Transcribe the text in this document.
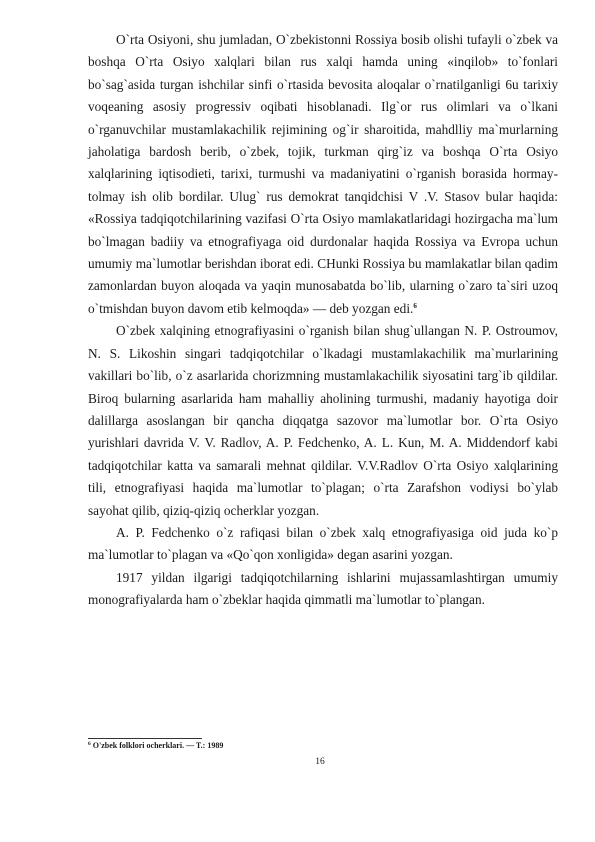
O`rta Osiyoni, shu jumladan, O`zbekistonni Rossiya bosib olishi tufayli o`zbek va boshqa O`rta Osiyo xalqlari bilan rus xalqi hamda uning «inqilob» to`fonlari bo`sag`asida turgan ishchilar sinfi o`rtasida bevosita aloqalar o`rnatilganligi 6u tarixiy voqeaning asosiy progressiv oqibati hisoblanadi. Ilg`or rus olimlari va o`lkani o`rganuvchilar mustamlakachilik rejimining og`ir sharoitida, mahdlliy ma`murlarning jaholatiga bardosh berib, o`zbek, tojik, turkman qirg`iz va boshqa O`rta Osiyo xalqlarining iqtisodieti, tarixi, turmushi va madaniyatini o`rganish borasida hormay-tolmay ish olib bordilar. Ulug` rus demokrat tanqidchisi V .V. Stasov bular haqida: «Rossiya tadqiqotchilarining vazifasi O`rta Osiyo mamlakatlaridagi hozirgacha ma`lum bo`lmagan badiiy va etnografiyaga oid durdonalar haqida Rossiya va Evropa uchun umumiy ma`lumotlar berishdan iborat edi. CHunki Rossiya bu mamlakatlar bilan qadim zamonlardan buyon aloqada va yaqin munosabatda bo`lib, ularning o`zaro ta`siri uzoq o`tmishdan buyon davom etib kelmoqda» — deb yozgan edi.$^6$

O`zbek xalqining etnografiyasini o`rganish bilan shug`ullangan N. P. Ostroumov, N. S. Likoshin singari tadqiqotchilar o`lkadagi mustamlakachilik ma`murlarining vakillari bo`lib, o`z asarlarida chorizmning mustamlakachilik siyosatini targ`ib qildilar. Biroq bularning asarlarida ham mahalliy aholining turmushi, madaniy hayotiga doir dalillarga asoslangan bir qancha diqqatga sazovor ma`lumotlar bor. O`rta Osiyo yurishlari davrida V. V. Radlov, A. P. Fedchenko, A. L. Kun, M. A. Middendorf kabi tadqiqotchilar katta va samarali mehnat qildilar. V.V.Radlov O`rta Osiyo xalqlarining tili, etnografiyasi haqida ma`lumotlar to`plagan; o`rta Zarafshon vodiysi bo`ylab sayohat qilib, qiziq-qiziq ocherklar yozgan.

A. P. Fedchenko o`z rafiqasi bilan o`zbek xalq etnografiyasiga oid juda ko`p ma`lumotlar to`plagan va «Qo`qon xonligida» degan asarini yozgan.

1917 yildan ilgarigi tadqiqotchilarning ishlarini mujassamlashtirgan umumiy monografiyalarda ham o`zbeklar haqida qimmatli ma`lumotlar to`plangan.

$^6$ O'zbek folklori ocherklari. — T.: 1989
16
